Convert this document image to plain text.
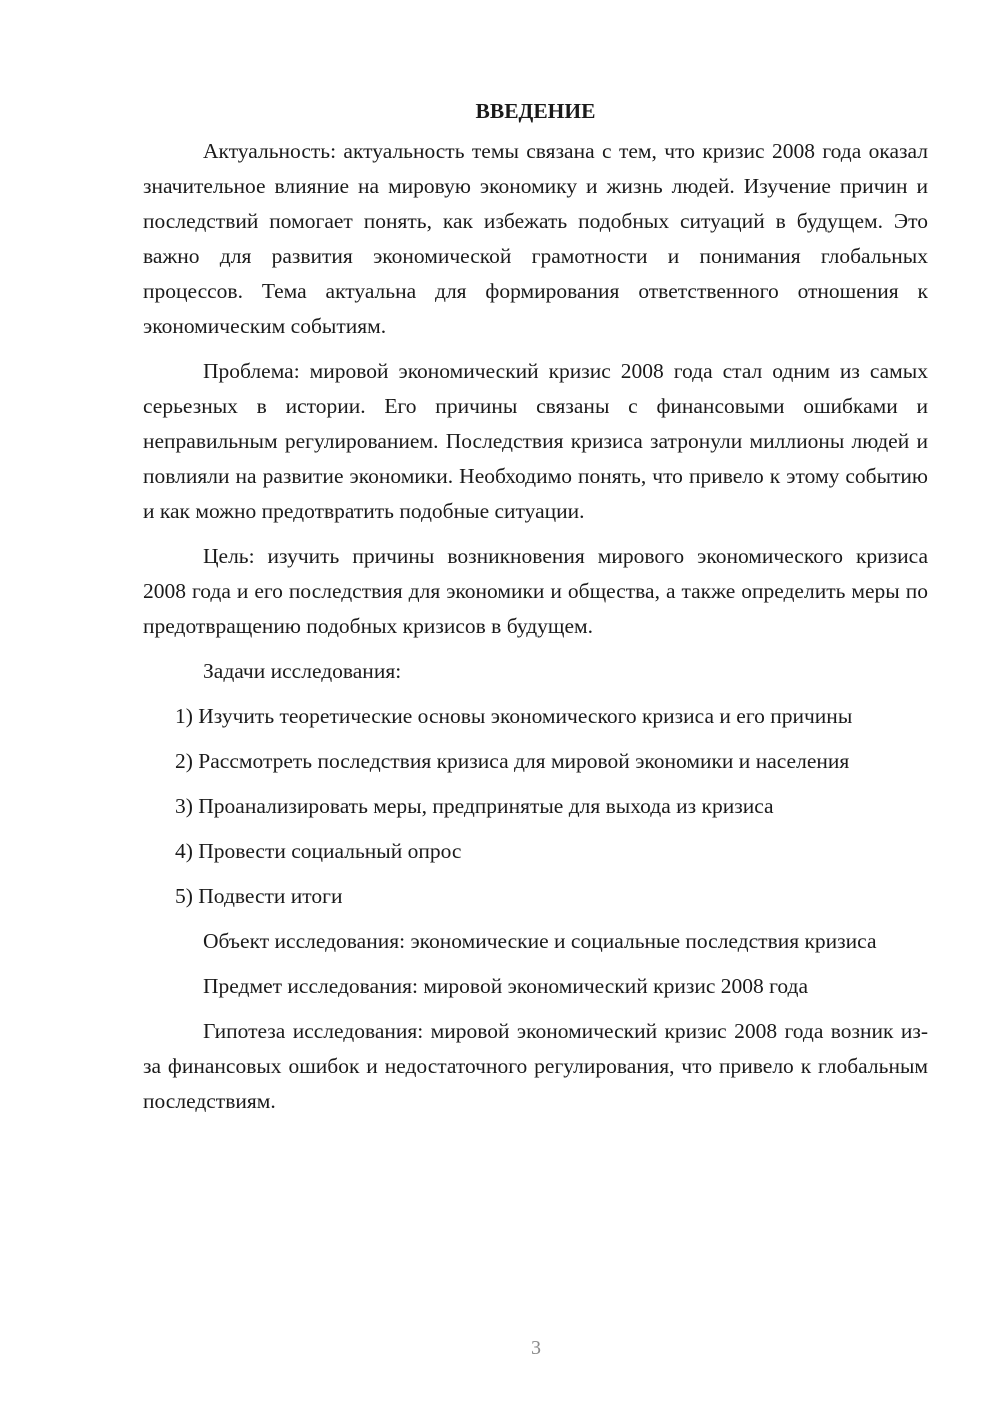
ВВЕДЕНИЕ

Актуальность: актуальность темы связана с тем, что кризис 2008 года оказал значительное влияние на мировую экономику и жизнь людей. Изучение причин и последствий помогает понять, как избежать подобных ситуаций в будущем. Это важно для развития экономической грамотности и понимания глобальных процессов. Тема актуальна для формирования ответственного отношения к экономическим событиям.

Проблема: мировой экономический кризис 2008 года стал одним из самых серьезных в истории. Его причины связаны с финансовыми ошибками и неправильным регулированием. Последствия кризиса затронули миллионы людей и повлияли на развитие экономики. Необходимо понять, что привело к этому событию и как можно предотвратить подобные ситуации.

Цель: изучить причины возникновения мирового экономического кризиса 2008 года и его последствия для экономики и общества, а также определить меры по предотвращению подобных кризисов в будущем.

Задачи исследования:

1) Изучить теоретические основы экономического кризиса и его причины

2) Рассмотреть последствия кризиса для мировой экономики и населения

3) Проанализировать меры, предпринятые для выхода из кризиса

4) Провести социальный опрос

5) Подвести итоги

Объект исследования: экономические и социальные последствия кризиса

Предмет исследования: мировой экономический кризис 2008 года

Гипотеза исследования: мировой экономический кризис 2008 года возник из-за финансовых ошибок и недостаточного регулирования, что привело к глобальным последствиям.

3
